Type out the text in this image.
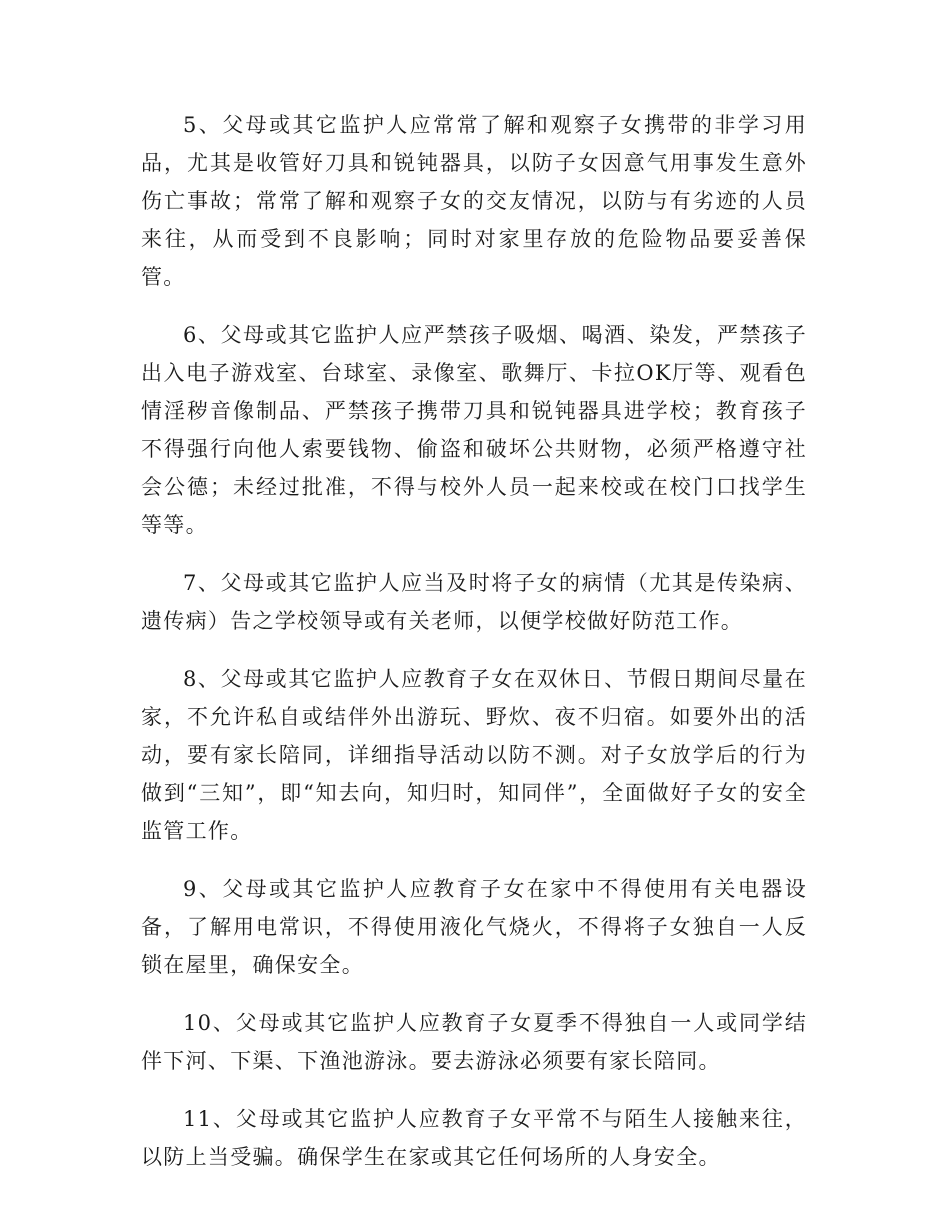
5、父母或其它监护人应常常了解和观察子女携带的非学习用品，尤其是收管好刀具和锐钝器具，以防子女因意气用事发生意外伤亡事故；常常了解和观察子女的交友情况，以防与有劣迹的人员来往，从而受到不良影响；同时对家里存放的危险物品要妥善保管。

6、父母或其它监护人应严禁孩子吸烟、喝酒、染发，严禁孩子出入电子游戏室、台球室、录像室、歌舞厅、卡拉OK厅等、观看色情淫秽音像制品、严禁孩子携带刀具和锐钝器具进学校；教育孩子不得强行向他人索要钱物、偷盗和破坏公共财物，必须严格遵守社会公德；未经过批准，不得与校外人员一起来校或在校门口找学生等等。

7、父母或其它监护人应当及时将子女的病情（尤其是传染病、遗传病）告之学校领导或有关老师，以便学校做好防范工作。

8、父母或其它监护人应教育子女在双休日、节假日期间尽量在家，不允许私自或结伴外出游玩、野炊、夜不归宿。如要外出的活动，要有家长陪同，详细指导活动以防不测。对子女放学后的行为做到“三知”，即“知去向，知归时，知同伴”，全面做好子女的安全监管工作。

9、父母或其它监护人应教育子女在家中不得使用有关电器设备，了解用电常识，不得使用液化气烧火，不得将子女独自一人反锁在屋里，确保安全。

10、父母或其它监护人应教育子女夏季不得独自一人或同学结伴下河、下渠、下渔池游泳。要去游泳必须要有家长陪同。

11、父母或其它监护人应教育子女平常不与陌生人接触来往，以防上当受骗。确保学生在家或其它任何场所的人身安全。
